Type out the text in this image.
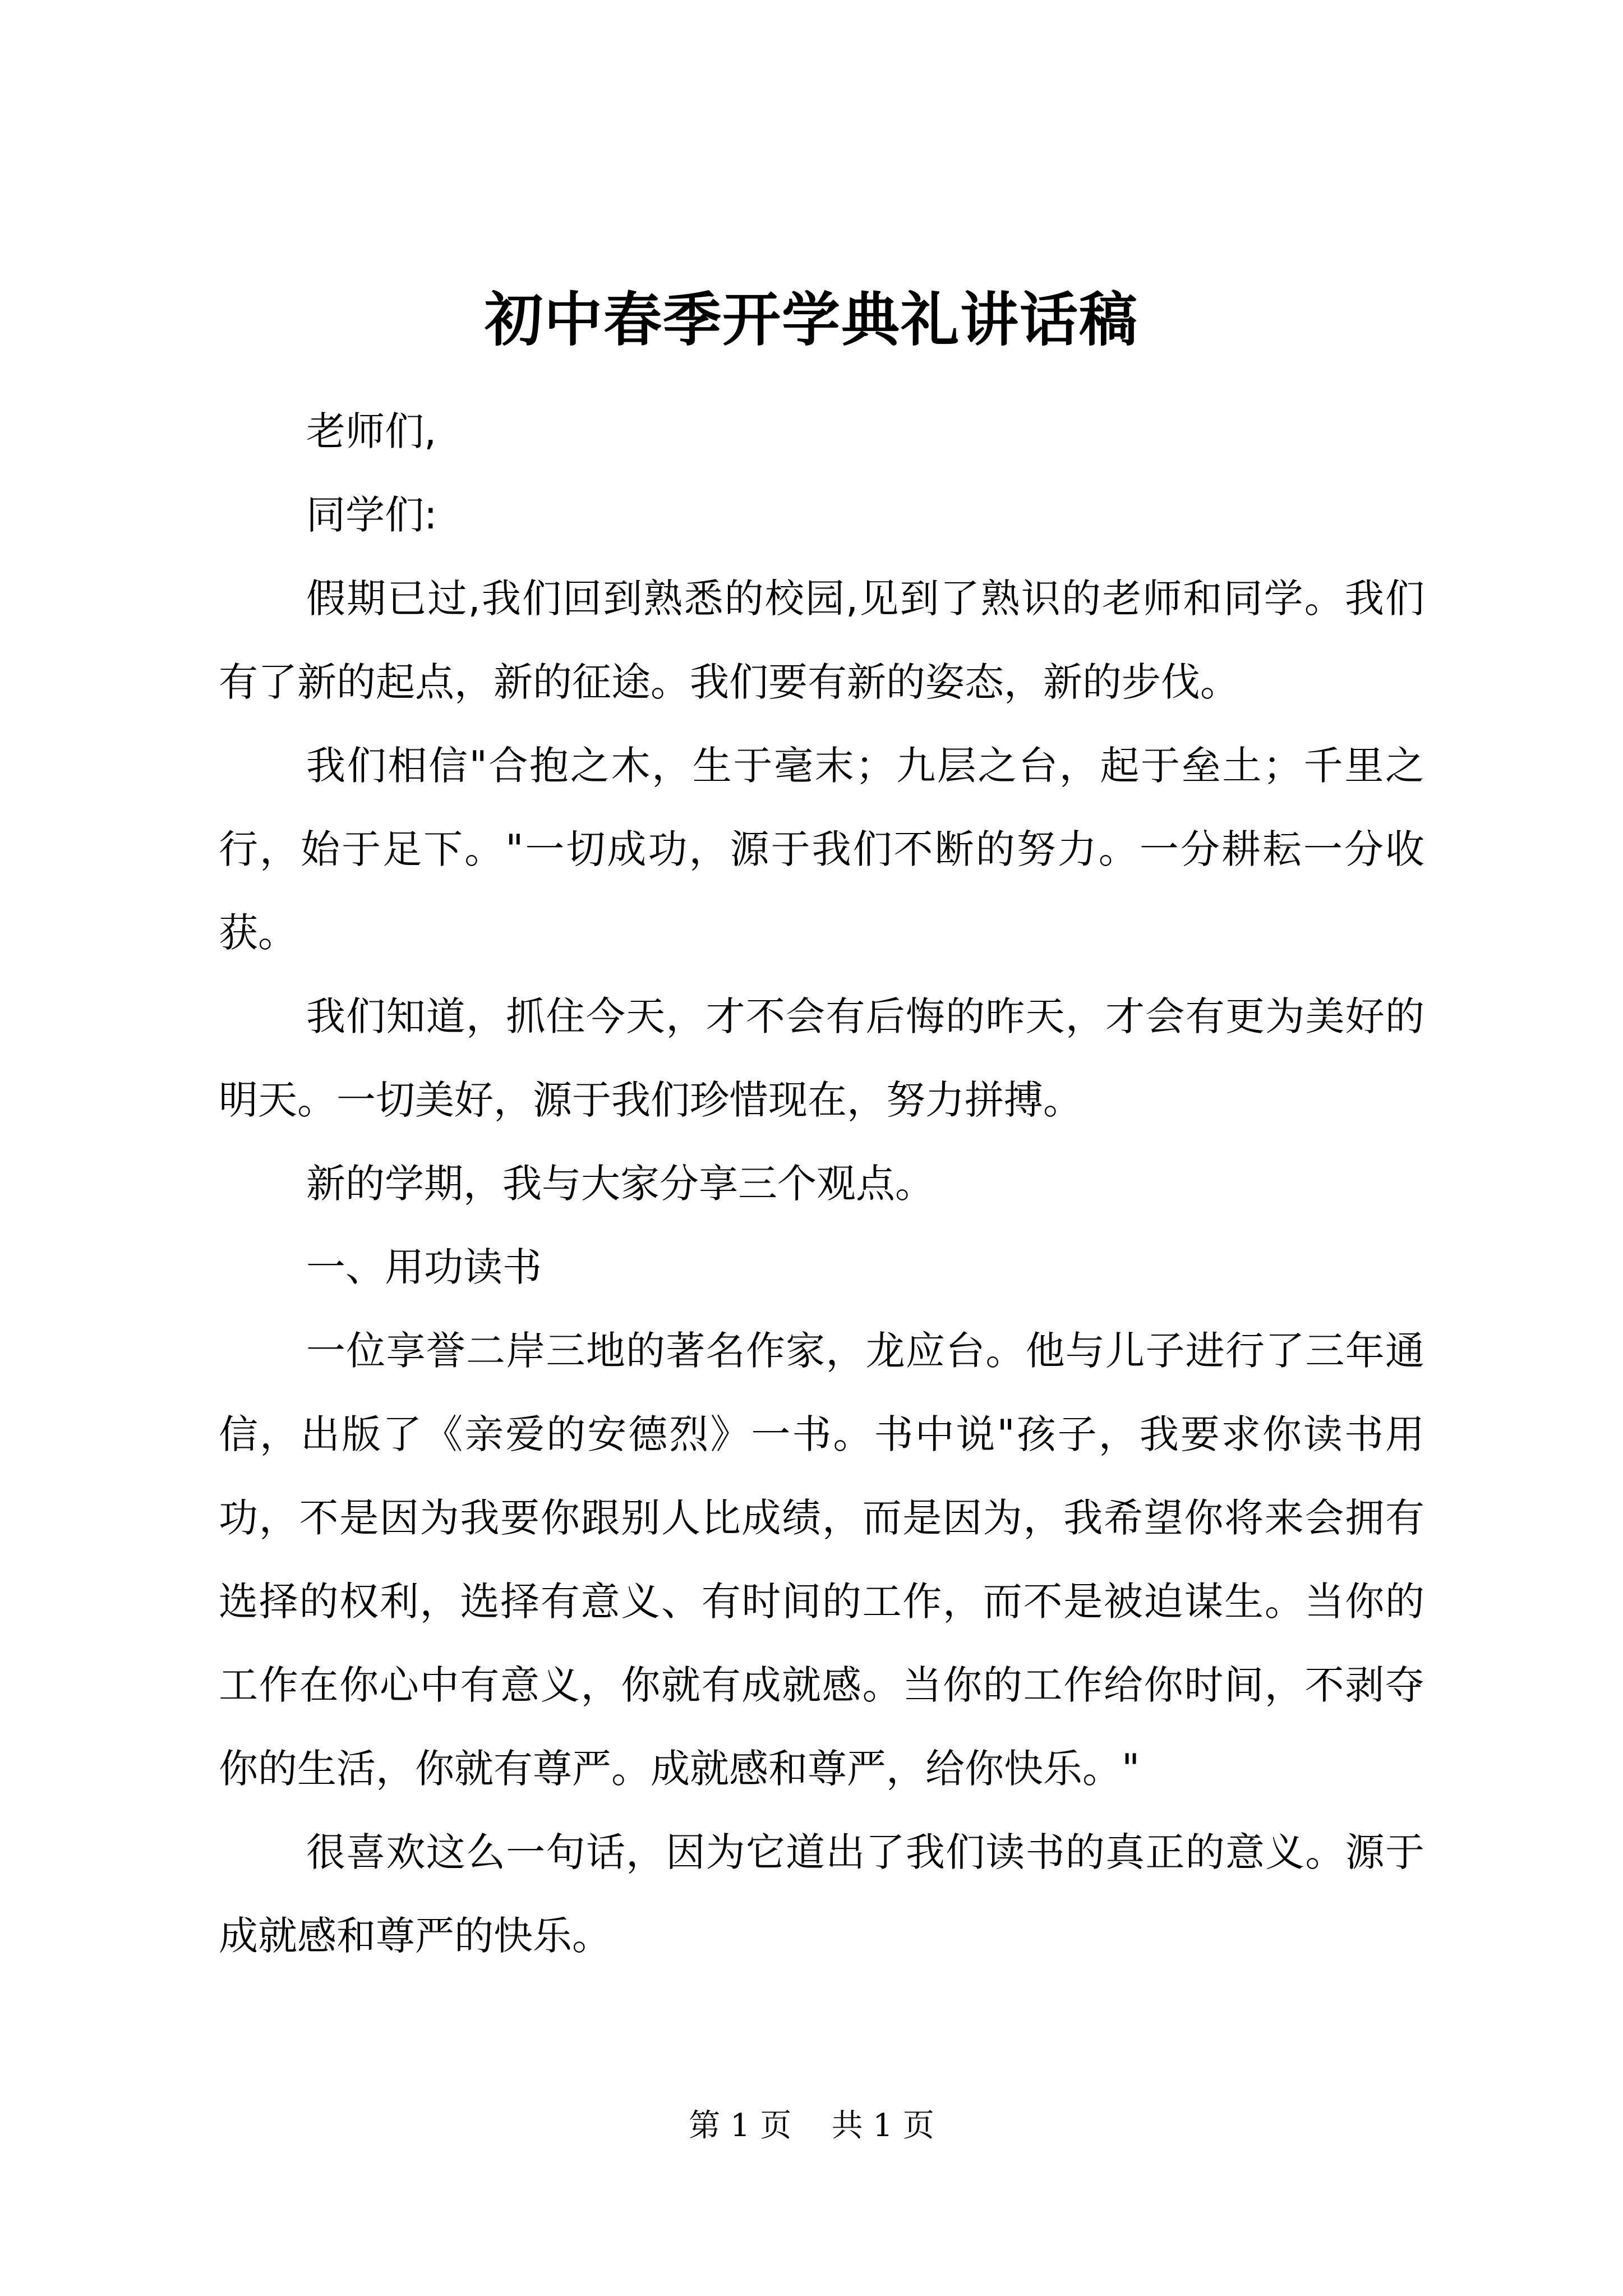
初中春季开学典礼讲话稿

老师们,

同学们:

假期已过,我们回到熟悉的校园,见到了熟识的老师和同学。我们有了新的起点，新的征途。我们要有新的姿态，新的步伐。

我们相信"合抱之木，生于毫末；九层之台，起于垒土；千里之行，始于足下。"一切成功，源于我们不断的努力。一分耕耘一分收获。

我们知道，抓住今天，才不会有后悔的昨天，才会有更为美好的明天。一切美好，源于我们珍惜现在，努力拼搏。

新的学期，我与大家分享三个观点。

一、用功读书

一位享誉二岸三地的著名作家，龙应台。他与儿子进行了三年通信，出版了《亲爱的安德烈》一书。书中说"孩子，我要求你读书用功，不是因为我要你跟别人比成绩，而是因为，我希望你将来会拥有选择的权利，选择有意义、有时间的工作，而不是被迫谋生。当你的工作在你心中有意义，你就有成就感。当你的工作给你时间，不剥夺你的生活，你就有尊严。成就感和尊严，给你快乐。"

很喜欢这么一句话，因为它道出了我们读书的真正的意义。源于成就感和尊严的快乐。

第 1 页 共 1 页
